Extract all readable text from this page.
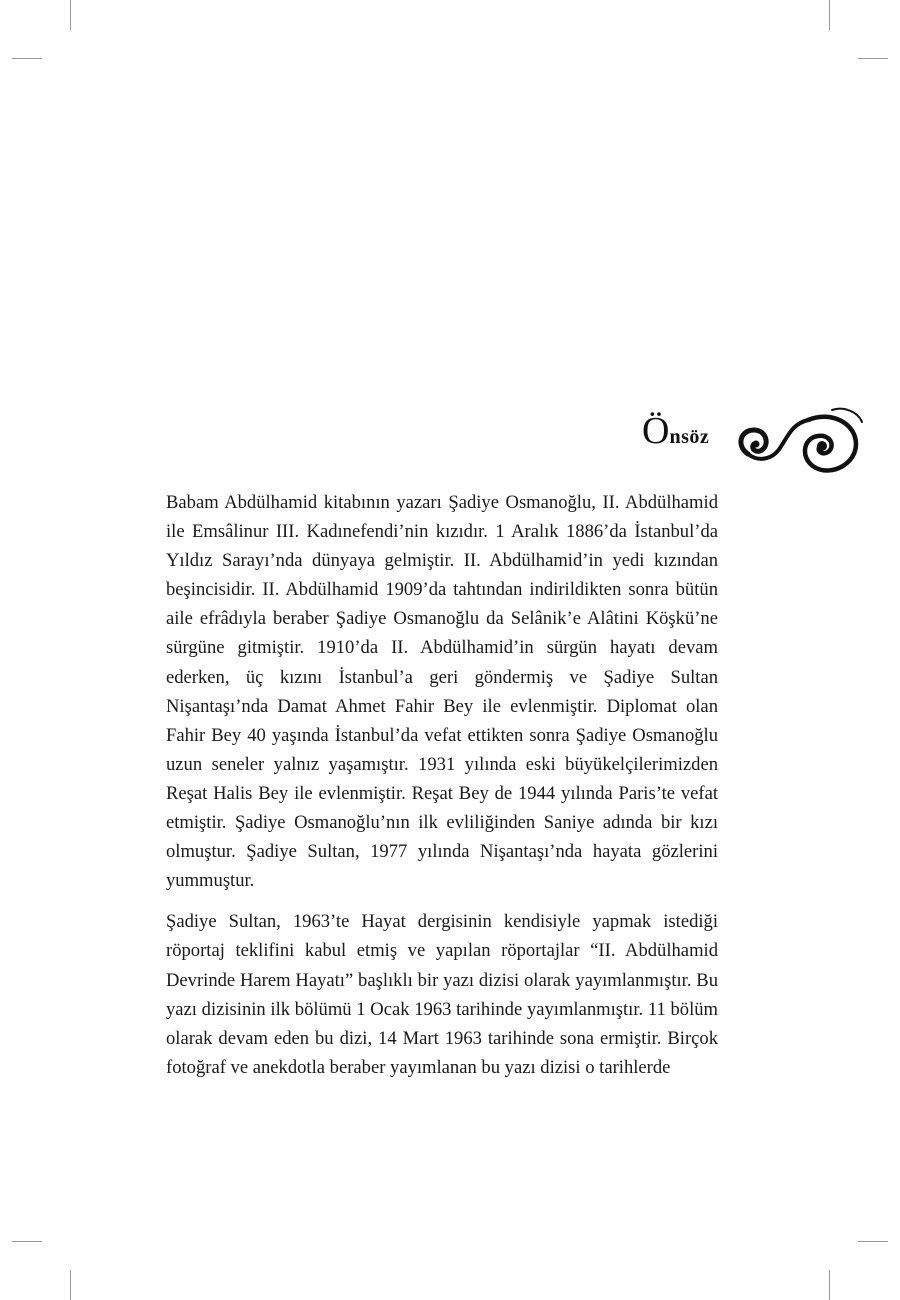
Önsöz

Babam Abdülhamid kitabının yazarı Şadiye Osmanoğlu, II. Abdülhamid ile Emsâlinur III. Kadınefendi’nin kızıdır. 1 Aralık 1886’da İstanbul’da Yıldız Sarayı’nda dünyaya gelmiştir. II. Abdülhamid’in yedi kızından beşincisidir. II. Abdülhamid 1909’da tahtından indirildikten sonra bütün aile efrâdıyla beraber Şadiye Osmanoğlu da Selânik’e Alâtini Köşkü’ne sürgüne gitmiştir. 1910’da II. Abdülhamid’in sürgün hayatı devam ederken, üç kızını İstanbul’a geri göndermiş ve Şadiye Sultan Nişantaşı’nda Damat Ahmet Fahir Bey ile evlenmiştir. Diplomat olan Fahir Bey 40 yaşında İstanbul’da vefat ettikten sonra Şadiye Osmanoğlu uzun seneler yalnız yaşamıştır. 1931 yılında eski büyükelçilerimizden Reşat Halis Bey ile evlenmiştir. Reşat Bey de 1944 yılında Paris’te vefat etmiştir. Şadiye Osmanoğlu’nın ilk evliliğinden Saniye adında bir kızı olmuştur. Şadiye Sultan, 1977 yılında Nişantaşı’nda hayata gözlerini yummuştur.

Şadiye Sultan, 1963’te Hayat dergisinin kendisiyle yapmak istediği röportaj teklifini kabul etmiş ve yapılan röportajlar “II. Abdülhamid Devrinde Harem Hayatı” başlıklı bir yazı dizisi olarak yayımlanmıştır. Bu yazı dizisinin ilk bölümü 1 Ocak 1963 tarihinde yayımlanmıştır. 11 bölüm olarak devam eden bu dizi, 14 Mart 1963 tarihinde sona ermiştir. Birçok fotoğraf ve anekdotla beraber yayımlanan bu yazı dizisi o tarihlerde
